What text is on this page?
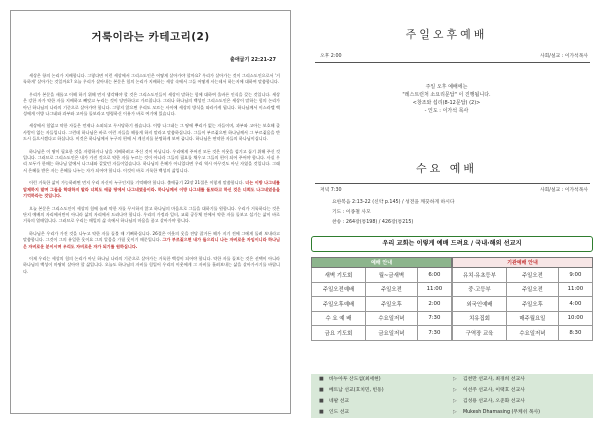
거룩이라는 카테고리(2)
출애굽기 22:21-27

세상은 항의 논리가 지배합니다. 그렇다면 이런 세상에서 그리스도인은 어떻게 살아가야 할까요? 우리가 살아가는 것이 그리스도인으로서 '거룩하게' 살아가는 것일까요? 오늘 우리가 살아내는 본문은 힘의 논리가 지배하는 세상 속에서 그들 어떻게 사는데서 하는지에 대하여 말씀합니다.

우리가 본문을 새롭고 이해 하기 위해 먼저 생각해야 할 것은 그리스도인들이 세상이 말하는 힘에 대하여 올바른 인식을 갖는 것입니다. 세상은 강한 자가 약한 자를 지배하고 빼앗고 누리는 것이 당연하다고 가르칩니다. 그러나 하나님의 백성인 그리스도인은 세상이 말하는 힘의 논리가 아닌 하나님의 나라의 기준으로 살아가야 합니다. 그렇지 않으면 우리도 모르는 사이에 세상의 방식을 따라가게 됩니다. 하나님께서 이스라엘 백성에게 이방 나그네와 과부와 고아를 돌보라고 명령하신 이유가 바로 여기에 있습니다.

세상에서 힘없고 약한 자들은 언제나 소외되고 무시당하기 쉽습니다. 이방 나그네는 그 땅에 뿌리가 없는 자들이며, 과부와 고아는 보호해 줄 사람이 없는 자들입니다. 그런데 하나님은 바로 이런 자들을 해롭게 하지 말라고 말씀하십니다. 그들이 부르짖으면 하나님께서 그 부르짖음을 반드시 들으시겠다고 하십니다. 이것은 하나님께서 누구의 편에 서 계신지를 분명하게 보여 줍니다. 하나님은 연약한 자들의 하나님이십니다.

하나님은 이 땅이 필요한 것을 자랑하거나 남을 지배하려고 주신 것이 아닙니다. 우리에게 주어진 모든 것은 이웃을 섬기고 돕기 위해 주신 것입니다. 그러므로 그리스도인은 내가 가진 것으로 약한 자를 누르는 것이 아니라 그들의 필요를 채우고 그들의 편이 되어 주어야 합니다. 사실 우리 모두가 한때는 하나님 앞에서 나그네와 같았던 자들이었습니다. 하나님의 은혜가 아니었다면 우리 역시 아무것도 아닌 자였을 것입니다. 그래서 은혜를 받은 자는 은혜를 나누는 자가 되어야 합니다. 이것이 바로 거룩한 백성의 삶입니다.

이런 거룩한 삶이 가능하려면 먼저 우리 자신이 누구인지를 기억해야 합니다. 출애굽기 22장 21절은 이렇게 말씀합니다. 너는 이방 나그네를 압제하지 말며 그들을 학대하지 말라 너희도 애굽 땅에서 나그네였음이라. 하나님께서 이방 나그네를 돌보라고 하신 것은 너희도 나그네였음을 기억하라는 것입니다.

오늘 본문은 그리스도인이 세상의 힘에 눌려 약한 자를 무시하지 않고 하나님의 마음으로 그들을 대하기를 원합니다. 우리가 거룩하다는 것은 단지 예배의 자리에서만이 아니라 삶의 자리에서 드러나야 합니다. 우리의 가정과 일터, 교회 공동체 안에서 약한 자를 돌보고 섬기는 삶이 바로 거룩의 열매입니다. 그러므로 우리는 매일의 삶 속에서 하나님의 마음을 품고 살아가야 합니다.

하나님은 우리가 가진 것을 나누고 약한 자를 돌볼 때 기뻐하십니다. 26절은 이웃의 옷을 전당 잡거든 해가 지기 전에 그에게 돌려 보내라고 말씀합니다. 그것이 그의 유일한 옷이요 그의 알몸을 가릴 옷이기 때문입니다. 그가 부르짖으면 내가 들으리니 나는 자비로운 자임이니라 하나님은 자비로운 분이시며 우리도 자비로운 자가 되기를 원하십니다.

이제 우리는 세상의 힘의 논리가 아닌 하나님 나라의 기준으로 살아가는 거룩한 백성이 되어야 합니다. 약한 자를 돌보는 것은 선택이 아니라 하나님의 백성이 마땅히 살아야 할 삶입니다. 오늘도 하나님의 자비를 힘입어 우리의 이웃에게 그 자비를 흘려보내는 삶을 살아가시기를 바랍니다.

주일오후예배
오후 2:00	사회/설교 : 이가석목사
주일 오후 예배에는
"레스트런처 소요리문답" 이 진행됩니다.
<창조와 섭리(8-12문답) (2)>
- 인도 : 이가석 목사
수요 예배
저녁 7:30	사회/설교 : 이가석목사
요한복음 2:13-22 (신약 p.145) / 성전을 깨끗하게 하시다
기도 : 이종철 사모
찬송 : 264장(통198) / 426장(통215)
우리 교회는 이렇게 예배 드려요 / 국내·해외 선교지
예배 안내		
새벽 기도회	월~금새벽	6:00
주일오전예배	주일오전	11:00
주일오후예배	주일오후	2:00
수 요 예 배	수요일저녁	7:30
금요 기도회	금요일저녁	7:30
기관예배 안내		
유치·유초등부	주일오전	9:00
중·고등부	주일오전	11:00
외국인예배	주일오후	4:00
치유집회	매주월요일	10:00
구역장 교육	수요일저녁	8:30
■ 바누아투 산도섬(최세현)	▷ 김천만 선교사, 최경희 선교사
■ 베트남 선교(호치민, 빈동)	▷ 이선주 선교사, 이택호 선교사
■ 네팔 선교	▷ 김성용 선교사, 오준화 선교사
■ 인도 선교	▷ Mukesh Dhamasing (무케쉬 목사)
